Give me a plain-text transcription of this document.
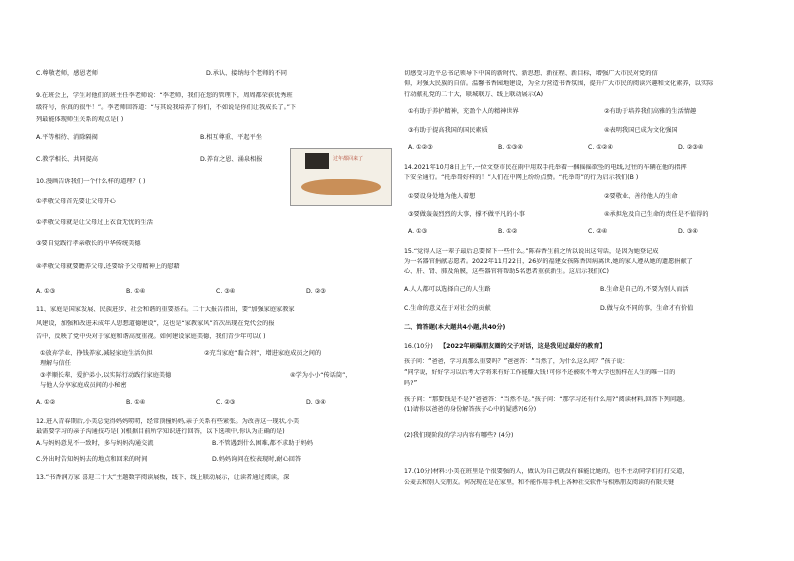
C.尊敬老师，感恩老师	D.承认、接纳每个老师的不同
9.在班会上，学生对他们的班主任李老师说：“李老师，我们在您的管理下，周周都荣获优秀班
级符号，你真的很牛！”。李老师回答道：“与其说我培养了你们，不如说是你们让我成长了。”下
列最能体现师生关系的观点是( )
A.平等相待、消除隔阂	B.相互尊重、平起平坐
C.教学相长、共同提高	D.养育之恩、涌泉相报	过年都回来了
10.漫画告诉我们一个什么样的道理？( )
①孝敬父母首先要让父母开心
①孝敬父母就是让父母过上衣食无忧的生活
③要自觉践行孝亲敬长的中华传统美德
④孝敬父母就要瞻养父母,还要给予父母精神上的慰藉
A. ①③	B. ①④	C. ③④	D. ②③
11、家庭是国家发展、民族进步、社会和谐的重要基石。二十大报告指出，要“加强家庭家教家
风建设，加强和改进未成年人思想道德建设”，这也是“家教家风”首次出现在党代会的报
告中，反映了党中央对于家庭和谐高度重视。如何建设家庭美德，我们青少年可以( )
①放弃学业、挣钱养家,减轻家庭生活负担	②充当家庭“黏合剂”，增进家庭成员之间的
理解与信任
③孝顺长辈、爱护弟小,以实际行动践行家庭美德	④学为小小“传话筒”，
与他人分享家庭成员间的小秘密
A. ①②	B. ①④	C. ②③	D. ③④
12.进入青春期后,小美总觉得妈妈唠叨，经常顶撞妈妈,亲子关系有些紧张。为改善这一现状,小美
最需要学习的亲子沟通技巧是( )(根据目前所学知识进行回答，以下选项中,你认为正确的是)
A.与妈妈意见不一致时，多与妈妈沟通交流	B.不管遇到什么困难,都不求助于妈妈
C.外出时告知妈妈去的地点和回来的时间	D.妈妈询问在校表现时,耐心回答
13.“书香润万家 喜迎二十大”主题数字阅读展板，线下、线上联动展示，让读者通过阅读，深
切感受习近平总书记领导下中国的新时代、新思想、新征程、新目标，增强广大市民对党的信
仰，对强大民族的自信。温馨书香园地建设，为全力营造书香氛围，提升广大市民的阅读兴趣和文化素养，以实际
行动献礼党的二十大，联城联万、线上联动展示(A)
①有助于养护精神，充盈个人的精神世界	②有助于培养我们高雅的生活情趣
③有助于提高我国的国民素质	④表明我国已成为文化强国
A. ①②③	B. ①③④	C. ①②④	D. ②③④
14.2021年10月8日上午,一位文登市民在雨中用双手托举着一捆摇摇欲坠的电线,过往的车辆在他的指挥
下安全通行。“托举哥好样的！”人们在中网上纷纷点赞。“托举哥”的行为启示我们(B )
①要设身处地为他人着想	②要敬业、善待他人的生命
③要做轰轰烈烈的大事，撑不做平凡的小事	④承担危及自己生命的责任是不值得的
A. ①③	B. ①②	C. ②④	D. ③④
15.“觉得人这一辈子最后总要留下一些什么。”陈春香生前之所以说出这句话，是因为她登记成
为一名器官捐献志愿者。2022年11月22日，26岁的福建女孩陈香因病离世,她的家人遵从她的遗愿捐献了
心、肝、肾、肺及角膜，这些器官将帮助5名患者重获新生。这启示我们(C)
A.人人都可以选择自己的人生路	B.生命是自己的,不要为别人而活
C.生命的意义在于对社会的贡献	D.做与众不同的事，生命才有价值
二、简答题(本大题共4小题,共40分)
16.(10分) 【2022年刷爆朋友圈的父子对话，这是我见过最好的教育】
孩子问：“爸爸，学习真那么重要吗？”爸爸答：“当然了，为什么这么问？”孩子说：
“同学说，好好学习以后考大学将来有好工作能赚大钱!可你不还被吹不考大学也照样在人生的唯一目的
吗?”
孩子问：“那要钱是不是?”爸爸答：“当然不是。”孩子问：“那学习还有什么用?”阅读材料,回答下列问题。
(1)请你以爸爸的身份解答孩子心中的疑惑?(6分)
(2)我们现阶段的学习内容有哪些? (4分)
17.(10分)材料:小美在班里是个很要强的人，做认为自己就没有谁能比她的，也不主动同学们打打交道，
公麦去和别人交朋友。何况现在是在家里，和不能作用手机上各种社交软件与相熟朋友阅读的有限关键
